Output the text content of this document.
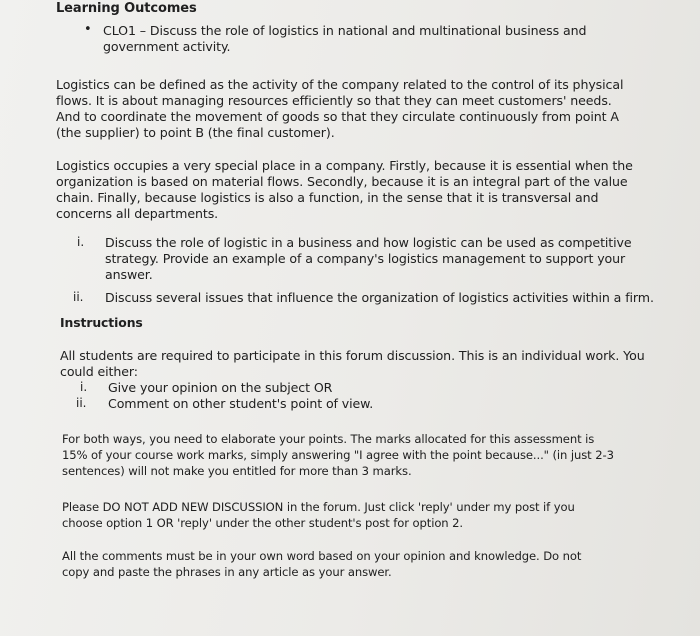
Learning Outcomes
• CLO1 – Discuss the role of logistics in national and multinational business and
government activity.
Logistics can be defined as the activity of the company related to the control of its physical
flows. It is about managing resources efficiently so that they can meet customers' needs.
And to coordinate the movement of goods so that they circulate continuously from point A
(the supplier) to point B (the final customer).
Logistics occupies a very special place in a company. Firstly, because it is essential when the
organization is based on material flows. Secondly, because it is an integral part of the value
chain. Finally, because logistics is also a function, in the sense that it is transversal and
concerns all departments.
i. Discuss the role of logistic in a business and how logistic can be used as competitive
strategy. Provide an example of a company's logistics management to support your
answer.
ii. Discuss several issues that influence the organization of logistics activities within a firm.
Instructions
All students are required to participate in this forum discussion. This is an individual work. You
could either:
i. Give your opinion on the subject OR
ii. Comment on other student's point of view.
For both ways, you need to elaborate your points. The marks allocated for this assessment is
15% of your course work marks, simply answering "I agree with the point because..." (in just 2-3
sentences) will not make you entitled for more than 3 marks.
Please DO NOT ADD NEW DISCUSSION in the forum. Just click 'reply' under my post if you
choose option 1 OR 'reply' under the other student's post for option 2.
All the comments must be in your own word based on your opinion and knowledge. Do not
copy and paste the phrases in any article as your answer.
